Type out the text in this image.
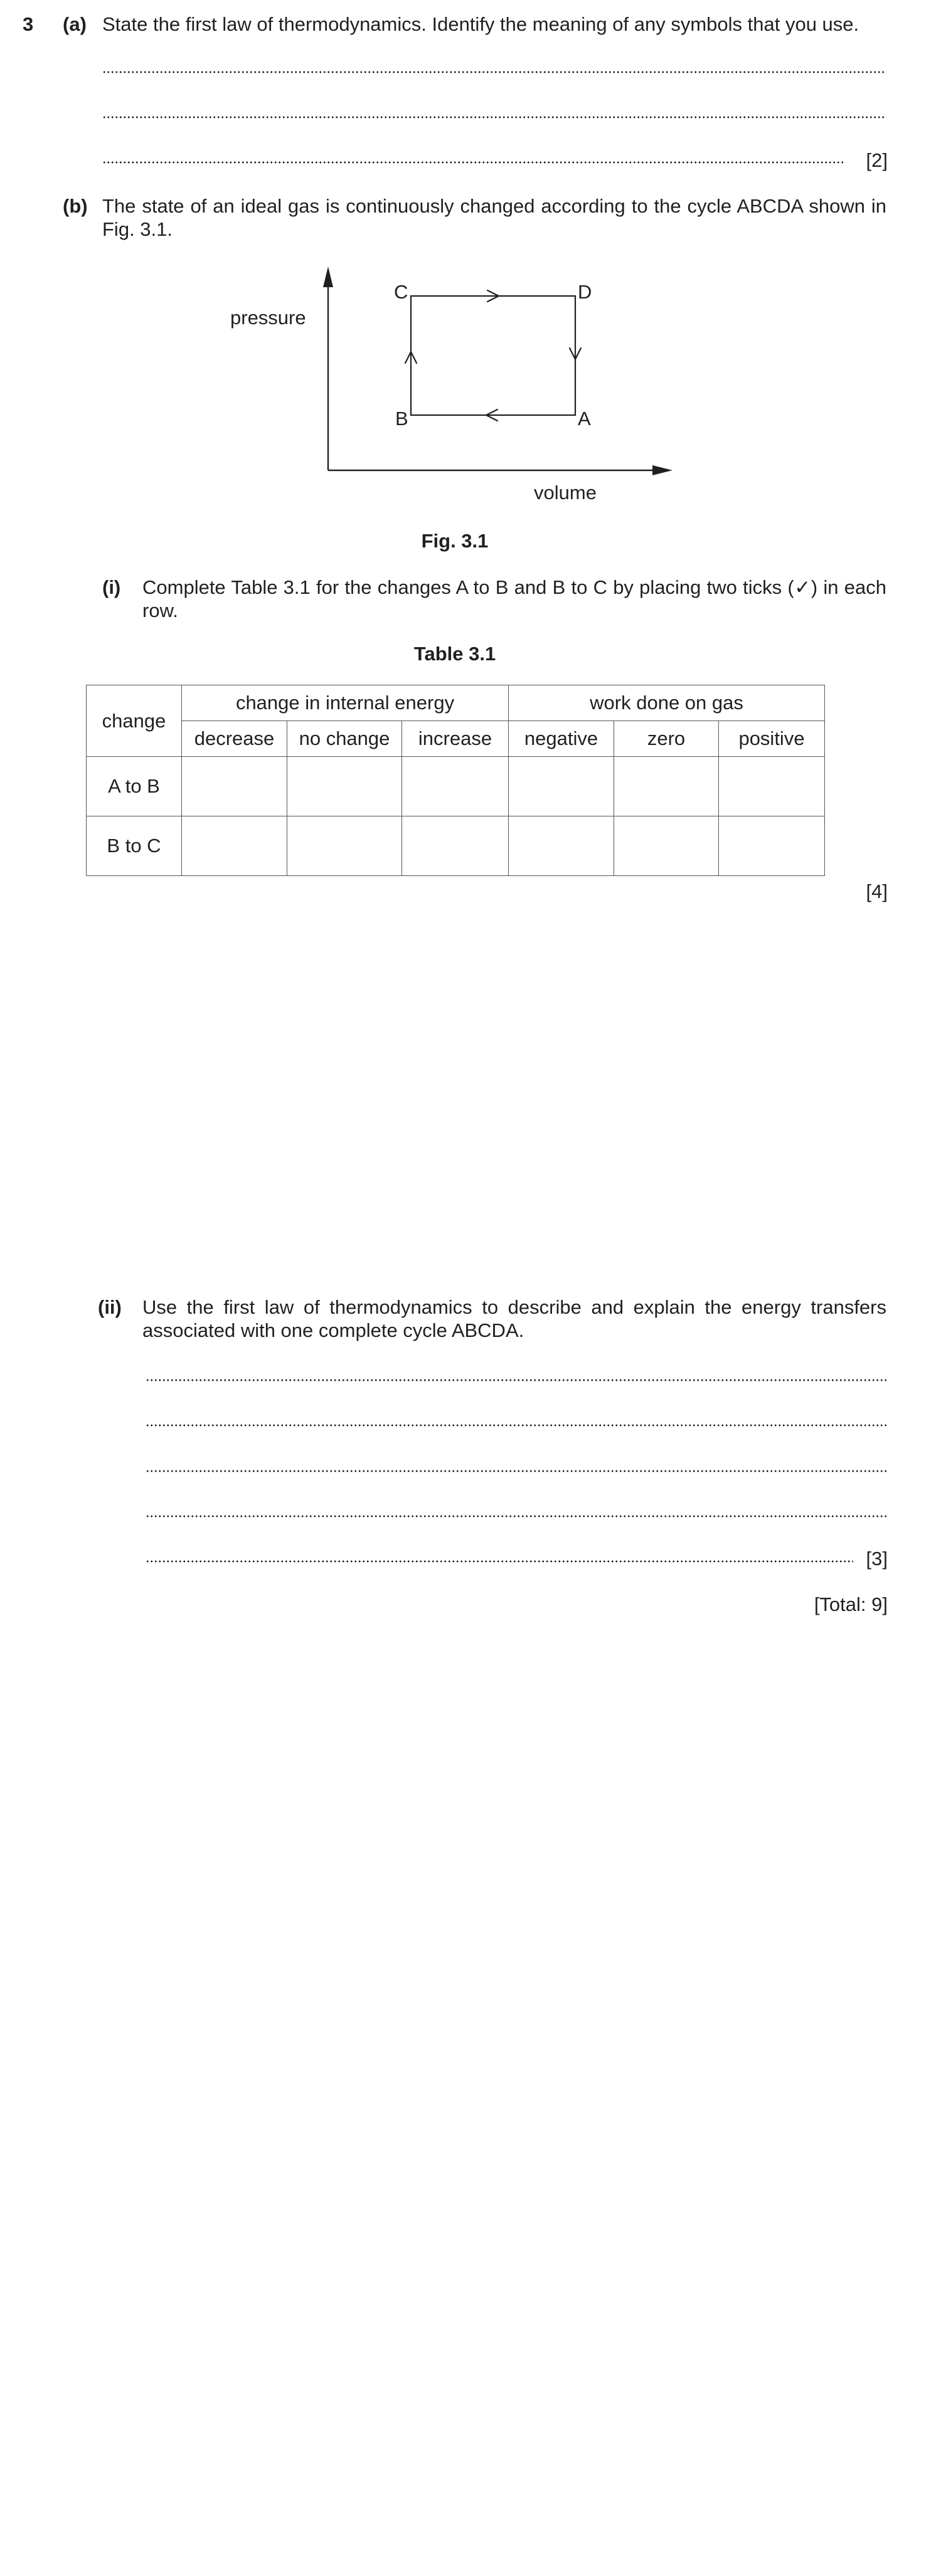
3 (a) State the first law of thermodynamics. Identify the meaning of any symbols that you use.
[2]
(b) The state of an ideal gas is continuously changed according to the cycle ABCDA shown in Fig. 3.1.
pressure
volume
C	D
B	A
Fig. 3.1
(i) Complete Table 3.1 for the changes A to B and B to C by placing two ticks (✓) in each row.
Table 3.1
change	change in internal energy			work done on gas		
	decrease	no change	increase	negative	zero	positive
A to B						
B to C						
[4]
(ii) Use the first law of thermodynamics to describe and explain the energy transfers associated with one complete cycle ABCDA.
[3]
[Total: 9]
